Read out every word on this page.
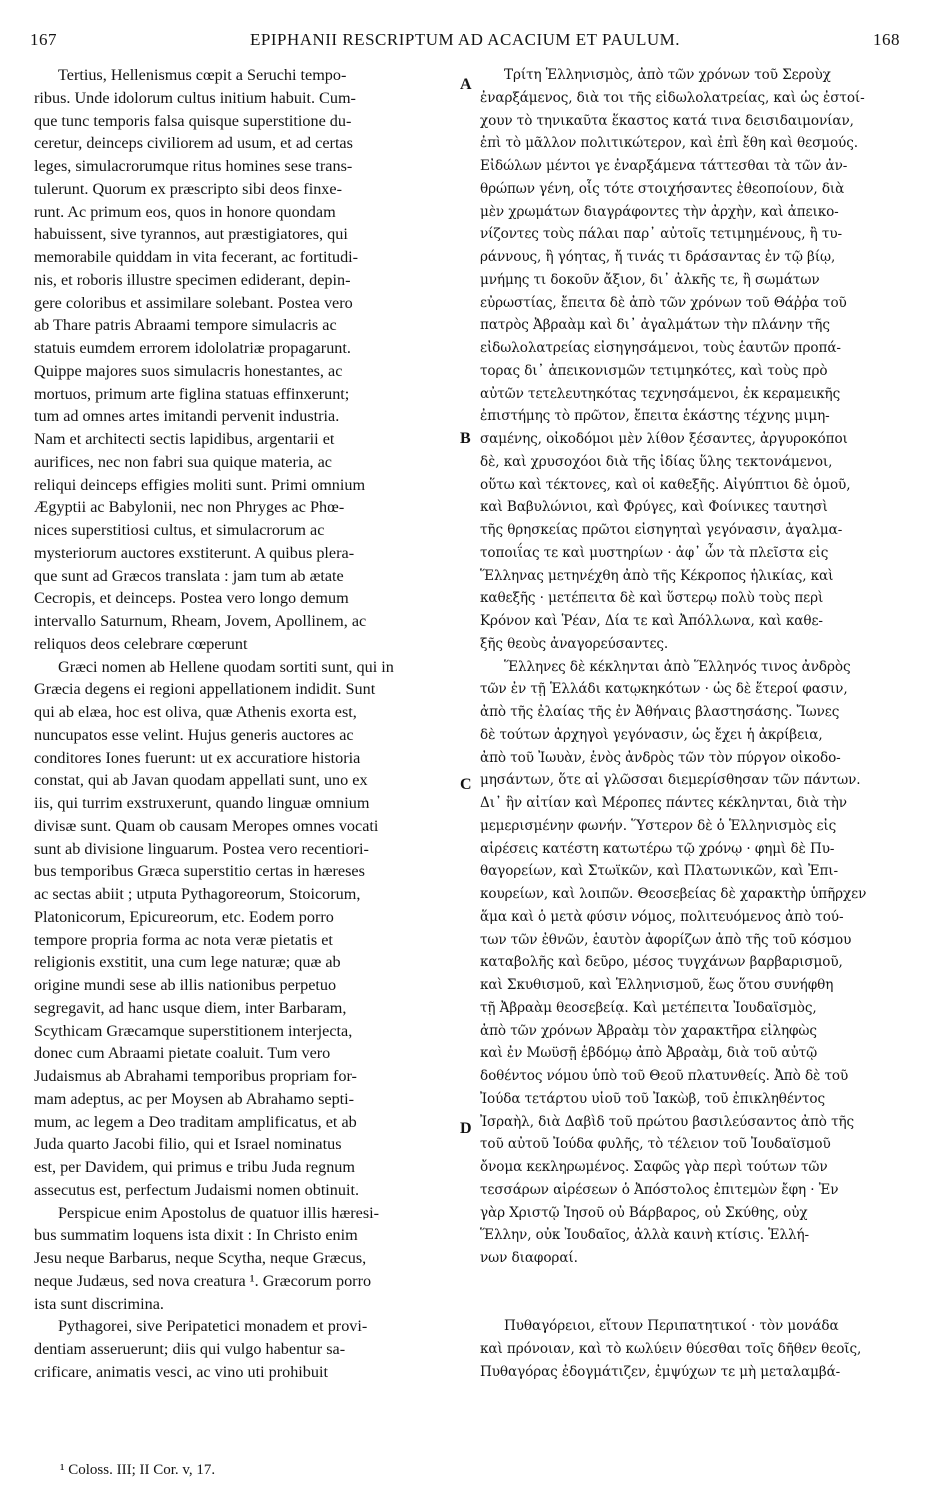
167	EPIPHANII RESCRIPTUM AD ACACIUM ET PAULUM.	168
Tertius, Hellenismus cœpit a Seruchi tempo-
ribus. Unde idolorum cultus initium habuit. Cum-
que tunc temporis falsa quisque superstitione du-
ceretur, deinceps civiliorem ad usum, et ad certas
leges, simulacrorumque ritus homines sese trans-
tulerunt. Quorum ex præscripto sibi deos finxe-
runt. Ac primum eos, quos in honore quondam
habuissent, sive tyrannos, aut præstigiatores, qui
memorabile quiddam in vita fecerant, ac fortitudi-
nis, et roboris illustre specimen ediderant, depin-
gere coloribus et assimilare solebant. Postea vero
ab Thare patris Abraami tempore simulacris ac
statuis eumdem errorem idololatriæ propagarunt.
Quippe majores suos simulacris honestantes, ac
mortuos, primum arte figlina statuas effinxerunt;
tum ad omnes artes imitandi pervenit industria.
Nam et architecti sectis lapidibus, argentarii et
aurifices, nec non fabri sua quique materia, ac
reliqui deinceps effigies moliti sunt. Primi omnium
Ægyptii ac Babylonii, nec non Phryges ac Phœ-
nices superstitiosi cultus, et simulacrorum ac
mysteriorum auctores exstiterunt. A quibus plera-
que sunt ad Græcos translata : jam tum ab ætate
Cecropis, et deinceps. Postea vero longo demum
intervallo Saturnum, Rheam, Jovem, Apollinem, ac
reliquos deos celebrare cœperunt
Græci nomen ab Hellene quodam sortiti sunt, qui in
Græcia degens ei regioni appellationem indidit. Sunt
qui ab elæa, hoc est oliva, quæ Athenis exorta est,
nuncupatos esse velint. Hujus generis auctores ac
conditores Iones fuerunt: ut ex accuratiore historia
constat, qui ab Javan quodam appellati sunt, uno ex
iis, qui turrim exstruxerunt, quando linguæ omnium
divisæ sunt. Quam ob causam Meropes omnes vocati
sunt ab divisione linguarum. Postea vero recentiori-
bus temporibus Græca superstitio certas in hæreses
ac sectas abiit ; utputa Pythagoreorum, Stoicorum,
Platonicorum, Epicureorum, etc. Eodem porro
tempore propria forma ac nota veræ pietatis et
religionis exstitit, una cum lege naturæ; quæ ab
origine mundi sese ab illis nationibus perpetuo
segregavit, ad hanc usque diem, inter Barbaram,
Scythicam Græcamque superstitionem interjecta,
donec cum Abraami pietate coaluit. Tum vero
Judaismus ab Abrahami temporibus propriam for-
mam adeptus, ac per Moysen ab Abrahamo septi-
mum, ac legem a Deo traditam amplificatus, et ab
Juda quarto Jacobi filio, qui et Israel nominatus
est, per Davidem, qui primus e tribu Juda regnum
assecutus est, perfectum Judaismi nomen obtinuit.
Perspicue enim Apostolus de quatuor illis hæresi-
bus summatim loquens ista dixit : In Christo enim
Jesu neque Barbarus, neque Scytha, neque Græcus,
neque Judæus, sed nova creatura ¹. Græcorum porro
ista sunt discrimina.
Pythagorei, sive Peripatetici monadem et provi-
dentiam asseruerunt; diis qui vulgo habentur sa-
crificare, animatis vesci, ac vino uti prohibuit
A
B
C
D
Τρίτη Ἑλληνισμὸς, ἀπὸ τῶν χρόνων τοῦ Σεροὺχ
ἐναρξάμενος, διὰ τοι τῆς εἰδωλολατρείας, καὶ ὡς ἐστοί-
χουν τὸ τηνικαῦτα ἕκαστος κατά τινα δεισιδαιμονίαν,
ἐπὶ τὸ μᾶλλον πολιτικώτερον, καὶ ἐπὶ ἔθη καὶ θεσμούς.
Εἰδώλων μέντοι γε ἐναρξάμενα τάττεσθαι τὰ τῶν ἀν-
θρώπων γένη, οἷς τότε στοιχήσαντες ἐθεοποίουν, διὰ
μὲν χρωμάτων διαγράφοντες τὴν ἀρχὴν, καὶ ἀπεικο-
νίζοντες τοὺς πάλαι παρ᾽ αὐτοῖς τετιμημένους, ἢ τυ-
ράννους, ἢ γόητας, ἤ τινάς τι δράσαντας ἐν τῷ βίῳ,
μνήμης τι δοκοῦν ἄξιον, δι᾽ ἀλκῆς τε, ἢ σωμάτων
εὐρωστίας, ἔπειτα δὲ ἀπὸ τῶν χρόνων τοῦ Θάῤῥα τοῦ
πατρὸς Ἀβραὰμ καὶ δι᾽ ἀγαλμάτων τὴν πλάνην τῆς
εἰδωλολατρείας εἰσηγησάμενοι, τοὺς ἑαυτῶν προπά-
τορας δι᾽ ἀπεικονισμῶν τετιμηκότες, καὶ τοὺς πρὸ
αὐτῶν τετελευτηκότας τεχνησάμενοι, ἐκ κεραμεικῆς
ἐπιστήμης τὸ πρῶτον, ἔπειτα ἑκάστης τέχνης μιμη-
σαμένης, οἰκοδόμοι μὲν λίθον ξέσαντες, ἀργυροκόποι
δὲ, καὶ χρυσοχόοι διὰ τῆς ἰδίας ὕλης τεκτονάμενοι,
οὕτω καὶ τέκτονες, καὶ οἱ καθεξῆς. Αἰγύπτιοι δὲ ὁμοῦ,
καὶ Βαβυλώνιοι, καὶ Φρύγες, καὶ Φοίνικες ταυτησὶ
τῆς θρησκείας πρῶτοι εἰσηγηταὶ γεγόνασιν, ἀγαλμα-
τοποιΐας τε καὶ μυστηρίων · ἀφ᾽ ὧν τὰ πλεῖστα εἰς
Ἕλληνας μετηνέχθη ἀπὸ τῆς Κέκροπος ἡλικίας, καὶ
καθεξῆς · μετέπειτα δὲ καὶ ὕστερῳ πολὺ τοὺς περὶ
Κρόνον καὶ Ῥέαν, Δία τε καὶ Ἀπόλλωνα, καὶ καθε-
ξῆς θεοὺς ἀναγορεύσαντες.
Ἕλληνες δὲ κέκληνται ἀπὸ Ἕλληνός τινος ἀνδρὸς
τῶν ἐν τῇ Ἑλλάδι κατῳκηκότων · ὡς δὲ ἕτεροί φασιν,
ἀπὸ τῆς ἐλαίας τῆς ἐν Ἀθήναις βλαστησάσης. Ἴωνες
δὲ τούτων ἀρχηγοὶ γεγόνασιν, ὡς ἔχει ἡ ἀκρίβεια,
ἀπὸ τοῦ Ἰωυὰν, ἑνὸς ἀνδρὸς τῶν τὸν πύργον οἰκοδο-
μησάντων, ὅτε αἱ γλῶσσαι διεμερίσθησαν τῶν πάντων.
Δι᾽ ἣν αἰτίαν καὶ Μέροπες πάντες κέκληνται, διὰ τὴν
μεμερισμένην φωνήν. Ὕστερον δὲ ὁ Ἑλληνισμὸς εἰς
αἱρέσεις κατέστη κατωτέρω τῷ χρόνῳ · φημὶ δὲ Πυ-
θαγορείων, καὶ Στωϊκῶν, καὶ Πλατωνικῶν, καὶ Ἐπι-
κουρείων, καὶ λοιπῶν. Θεοσεβείας δὲ χαρακτὴρ ὑπῆρχεν
ἅμα καὶ ὁ μετὰ φύσιν νόμος, πολιτευόμενος ἀπὸ τού-
των τῶν ἐθνῶν, ἑαυτὸν ἀφορίζων ἀπὸ τῆς τοῦ κόσμου
καταβολῆς καὶ δεῦρο, μέσος τυγχάνων βαρβαρισμοῦ,
καὶ Σκυθισμοῦ, καὶ Ἑλληνισμοῦ, ἕως ὅτου συνήφθη
τῇ Ἀβραὰμ θεοσεβείᾳ. Καὶ μετέπειτα Ἰουδαϊσμὸς,
ἀπὸ τῶν χρόνων Ἀβραὰμ τὸν χαρακτῆρα εἰληφὼς
καὶ ἐν Μωϋσῇ ἑβδόμῳ ἀπὸ Ἀβραὰμ, διὰ τοῦ αὐτῷ
δοθέντος νόμου ὑπὸ τοῦ Θεοῦ πλατυνθείς. Ἀπὸ δὲ τοῦ
Ἰούδα τετάρτου υἱοῦ τοῦ Ἰακὼβ, τοῦ ἐπικληθέντος
Ἰσραὴλ, διὰ Δαβὶδ τοῦ πρώτου βασιλεύσαντος ἀπὸ τῆς
τοῦ αὐτοῦ Ἰούδα φυλῆς, τὸ τέλειον τοῦ Ἰουδαϊσμοῦ
ὄνομα κεκληρωμένος. Σαφῶς γὰρ περὶ τούτων τῶν
τεσσάρων αἱρέσεων ὁ Ἀπόστολος ἐπιτεμὼν ἔφη · Ἐν
γὰρ Χριστῷ Ἰησοῦ οὐ Βάρβαρος, οὐ Σκύθης, οὐχ
Ἕλλην, οὐκ Ἰουδαῖος, ἀλλὰ καινὴ κτίσις. Ἑλλή-
νων διαφοραί.
Πυθαγόρειοι, εἴτουν Περιπατητικοί · τὸν μονάδα
καὶ πρόνοιαν, καὶ τὸ κωλύειν θύεσθαι τοῖς δῆθεν θεοῖς,
Πυθαγόρας ἐδογμάτιζεν, ἐμψύχων τε μὴ μεταλαμβά-
¹ Coloss. III; II Cor. v, 17.
